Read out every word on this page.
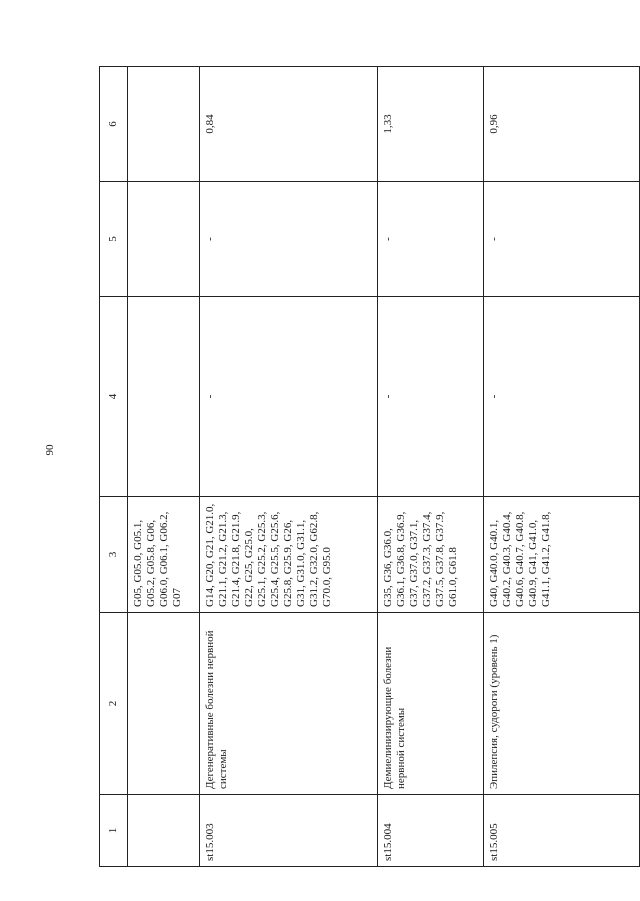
90
1	2	3	4	5	6
		G05, G05.0, G05.1, G05.2, G05.8, G06, G06.0, G06.1, G06.2, G07			
st15.003	Дегенеративные болезни нервной системы	G14, G20, G21, G21.0, G21.1, G21.2, G21.3, G21.4, G21.8, G21.9, G22, G25, G25.0, G25.1, G25.2, G25.3, G25.4, G25.5, G25.6, G25.8, G25.9, G26, G31, G31.0, G31.1, G31.2, G32.0, G62.8, G70.0, G95.0	-	-	0,84
st15.004	Демиелинизирующие болезни нервной системы	G35, G36, G36.0, G36.1, G36.8, G36.9, G37, G37.0, G37.1, G37.2, G37.3, G37.4, G37.5, G37.8, G37.9, G61.0, G61.8	-	-	1,33
st15.005	Эпилепсия, судороги (уровень 1)	G40, G40.0, G40.1, G40.2, G40.3, G40.4, G40.6, G40.7, G40.8, G40.9, G41, G41.0, G41.1, G41.2, G41.8,	-	-	0,96
